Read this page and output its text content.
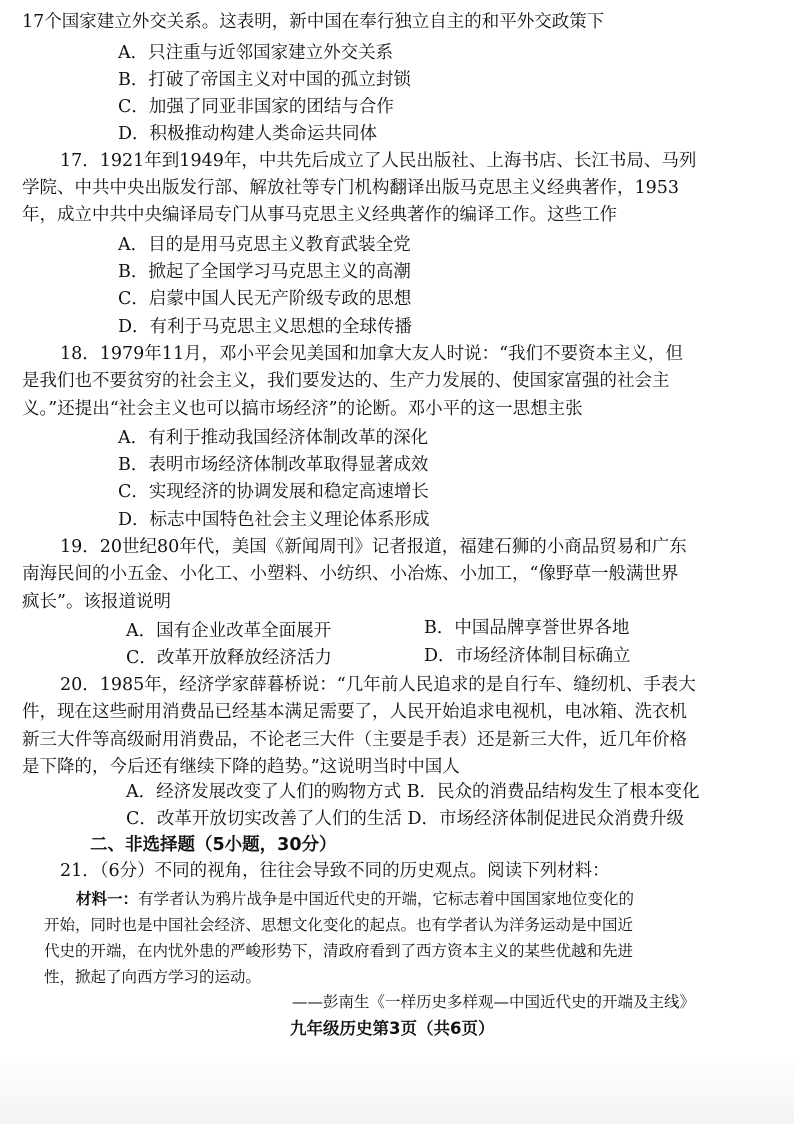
17个国家建立外交关系。这表明，新中国在奉行独立自主的和平外交政策下
A．只注重与近邻国家建立外交关系
B．打破了帝国主义对中国的孤立封锁
C．加强了同亚非国家的团结与合作
D．积极推动构建人类命运共同体
17．1921年到1949年，中共先后成立了人民出版社、上海书店、长江书局、马列
学院、中共中央出版发行部、解放社等专门机构翻译出版马克思主义经典著作，1953
年，成立中共中央编译局专门从事马克思主义经典著作的编译工作。这些工作
A．目的是用马克思主义教育武装全党
B．掀起了全国学习马克思主义的高潮
C．启蒙中国人民无产阶级专政的思想
D．有利于马克思主义思想的全球传播
18．1979年11月，邓小平会见美国和加拿大友人时说：“我们不要资本主义，但
是我们也不要贫穷的社会主义，我们要发达的、生产力发展的、使国家富强的社会主
义。”还提出“社会主义也可以搞市场经济”的论断。邓小平的这一思想主张
A．有利于推动我国经济体制改革的深化
B．表明市场经济体制改革取得显著成效
C．实现经济的协调发展和稳定高速增长
D．标志中国特色社会主义理论体系形成
19．20世纪80年代，美国《新闻周刊》记者报道，福建石狮的小商品贸易和广东
南海民间的小五金、小化工、小塑料、小纺织、小冶炼、小加工，“像野草一般满世界
疯长”。该报道说明
A．国有企业改革全面展开	B．中国品牌享誉世界各地
C．改革开放释放经济活力	D．市场经济体制目标确立
20．1985年，经济学家薛暮桥说：“几年前人民追求的是自行车、缝纫机、手表大
件，现在这些耐用消费品已经基本满足需要了，人民开始追求电视机，电冰箱、洗衣机
新三大件等高级耐用消费品，不论老三大件（主要是手表）还是新三大件，近几年价格
是下降的，今后还有继续下降的趋势。”这说明当时中国人
A．经济发展改变了人们的购物方式 B．民众的消费品结构发生了根本变化
C．改革开放切实改善了人们的生活 D．市场经济体制促进民众消费升级
二、非选择题（5小题，30分）
21．（6分）不同的视角，往往会导致不同的历史观点。阅读下列材料：
材料一：有学者认为鸦片战争是中国近代史的开端，它标志着中国国家地位变化的
开始，同时也是中国社会经济、思想文化变化的起点。也有学者认为洋务运动是中国近
代史的开端，在内忧外患的严峻形势下，清政府看到了西方资本主义的某些优越和先进
性，掀起了向西方学习的运动。
——彭南生《一样历史多样观—中国近代史的开端及主线》
九年级历史第3页（共6页）
